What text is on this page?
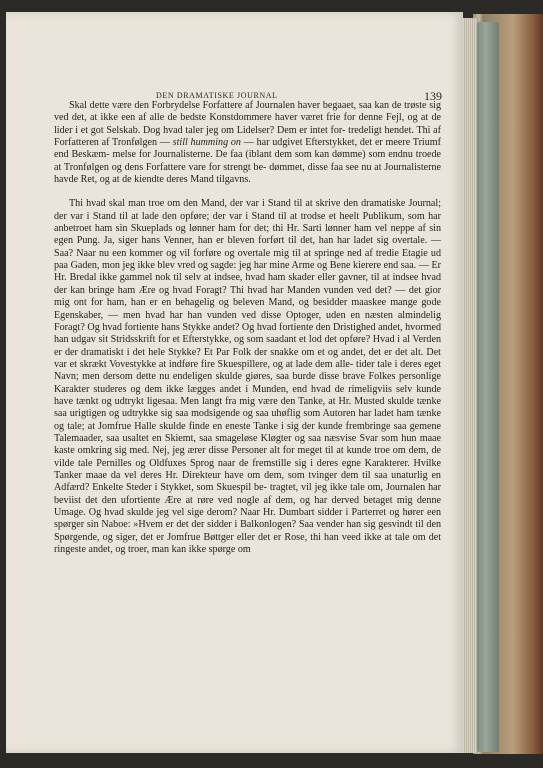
DEN DRAMATISKE JOURNAL	139

Skal dette være den Forbrydelse Forfattere af Journalen haver begaaet, saa kan de trøste sig ved det, at ikke een af alle de bedste Konstdommere haver været frie for denne Fejl, og at de lider i et got Selskab. Dog hvad taler jeg om Lidelser? Dem er intet for- tredeligt hendet. Thi af Forfatteren af Tronfølgen — still humming on — har udgivet Efterstykket, det er meere Triumf end Beskæm- melse for Journalisterne. De faa (iblant dem som kan dømme) som endnu troede at Tronfølgen og dens Forfattere vare for strengt be- dømmet, disse faa see nu at Journalisterne havde Ret, og at de kiendte deres Mand tilgavns.

Thi hvad skal man troe om den Mand, der var i Stand til at skrive den dramatiske Journal; der var i Stand til at lade den opføre; der var i Stand til at trodse et heelt Publikum, som har anbetroet ham sin Skueplads og lønner ham for det; thi Hr. Sarti lønner ham vel neppe af sin egen Pung. Ja, siger hans Venner, han er bleven forført til det, han har ladet sig overtale. — Saa? Naar nu een kommer og vil forføre og overtale mig til at springe ned af tredie Etagie ud paa Gaden, mon jeg ikke blev vred og sagde: jeg har mine Arme og Bene kierere end saa. — Er Hr. Bredal ikke gammel nok til selv at indsee, hvad ham skader eller gavner, til at indsee hvad der kan bringe ham Ære og hvad Foragt? Thi hvad har Manden vunden ved det? — det gior mig ont for ham, han er en behagelig og beleven Mand, og besidder maaskee mange gode Egenskaber, — men hvad har han vunden ved disse Optoger, uden en næsten almindelig Foragt? Og hvad fortiente hans Stykke andet? Og hvad fortiente den Dristighed andet, hvormed han udgav sit Stridsskrift for et Efterstykke, og som saadant et lod det opføre? Hvad i al Verden er der dramatiskt i det hele Stykke? Et Par Folk der snakke om et og andet, det er det alt. Det var et skrækt Vovestykke at indføre fire Skuespillere, og at lade dem alle- tider tale i deres eget Navn; men dersom dette nu endeligen skulde giøres, saa burde disse brave Folkes personlige Karakter studeres og dem ikke lægges andet i Munden, end hvad de rimeligviis selv kunde have tænkt og udtrykt ligesaa. Men langt fra mig være den Tanke, at Hr. Musted skulde tænke saa urigtigen og udtrykke sig saa modsigende og saa uhøflig som Autoren har ladet ham tænke og tale; at Jomfrue Halle skulde finde en eneste Tanke i sig der kunde frembringe saa gemene Talemaader, saa usaltet en Skiemt, saa smageløse Kløgter og saa næsvise Svar som hun maae kaste omkring sig med. Nej, jeg ærer disse Personer alt for meget til at kunde troe om dem, de vilde tale Pernilles og Oldfuxes Sprog naar de fremstille sig i deres egne Karakterer. Hvilke Tanker maae da vel deres Hr. Direkteur have om dem, som tvinger dem til saa unaturlig en Adfærd? Enkelte Steder i Stykket, som Skuespil be- tragtet, vil jeg ikke tale om, Journalen har beviist det den ufortiente Ære at røre ved nogle af dem, og har derved betaget mig denne Umage. Og hvad skulde jeg vel sige derom? Naar Hr. Dumbart sidder i Parterret og hører een spørger sin Naboe: »Hvem er det der sidder i Balkonlogen? Saa vender han sig gesvindt til den Spørgende, og siger, det er Jomfrue Bøttger eller det er Rose, thi han veed ikke at tale om det ringeste andet, og troer, man kan ikke spørge om
